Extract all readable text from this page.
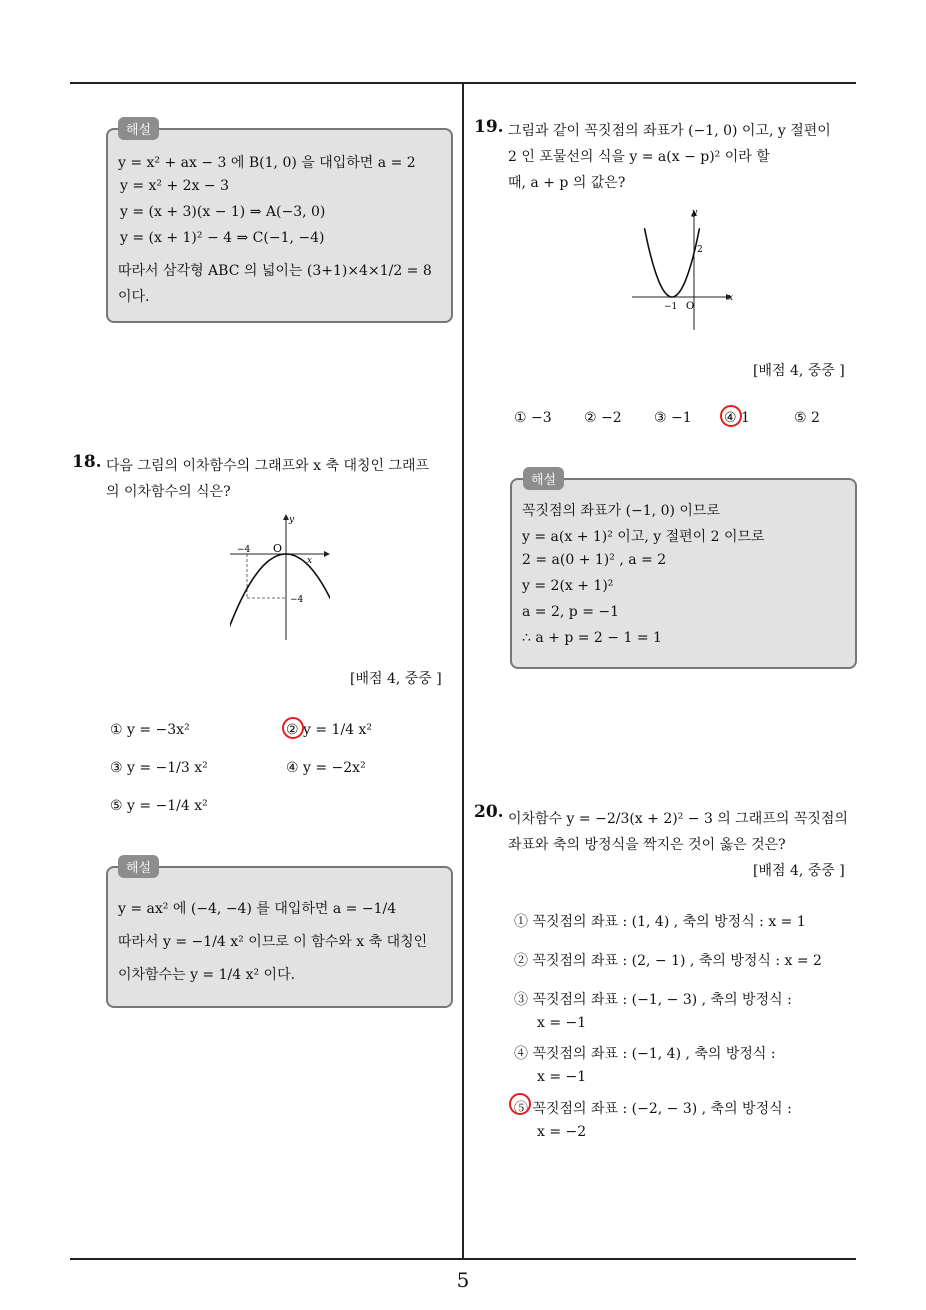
해설
y = x² + ax − 3 에 B(1, 0) 을 대입하면 a = 2
y = x² + 2x − 3
y = (x + 3)(x − 1) ⇒ A(−3, 0)
y = (x + 1)² − 4 ⇒ C(−1, −4)
따라서 삼각형 ABC 의 넓이는 (3+1)×4×1/2 = 8
이다.
18. 다음 그림의 이차함수의 그래프와 x 축 대칭인 그래프
의 이차함수의 식은?
y
x
O
−4
−4
[배점 4, 중중 ]
① y = −3x²	② y = 1/4 x²
③ y = −1/3 x²	④ y = −2x²
⑤ y = −1/4 x²
해설
y = ax² 에 (−4, −4) 를 대입하면 a = −1/4
따라서 y = −1/4 x² 이므로 이 함수와 x 축 대칭인
이차함수는 y = 1/4 x² 이다.
19. 그림과 같이 꼭짓점의 좌표가 (−1, 0) 이고, y 절편이
2 인 포물선의 식을 y = a(x − p)² 이라 할
때, a + p 의 값은?
y
x
O
−1
2
[배점 4, 중중 ]
① −3 ② −2 ③ −1 ④ 1	⑤ 2
해설
꼭짓점의 좌표가 (−1, 0) 이므로
y = a(x + 1)² 이고, y 절편이 2 이므로
2 = a(0 + 1)² , a = 2
y = 2(x + 1)²
a = 2, p = −1
∴ a + p = 2 − 1 = 1
20. 이차함수 y = −2/3(x + 2)² − 3 의 그래프의 꼭짓점의
좌표와 축의 방정식을 짝지은 것이 옳은 것은?
[배점 4, 중중 ]
① 꼭짓점의 좌표 : (1, 4) , 축의 방정식 : x = 1
② 꼭짓점의 좌표 : (2, − 1) , 축의 방정식 : x = 2
③ 꼭짓점의 좌표 : (−1, − 3) , 축의 방정식 :
x = −1
④ 꼭짓점의 좌표 : (−1, 4) , 축의 방정식 :
x = −1
⑤ 꼭짓점의 좌표 : (−2, − 3) , 축의 방정식 :
x = −2
5
